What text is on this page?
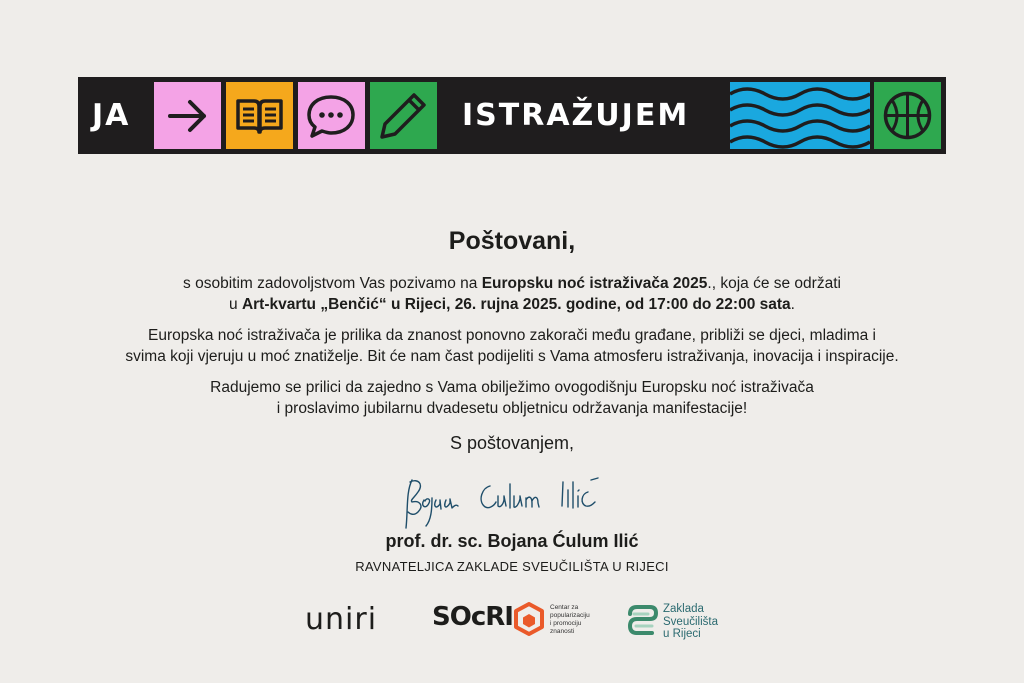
JA	ISTRAŽUJEM
Poštovani,

s osobitim zadovoljstvom Vas pozivamo na Europsku noć istraživača 2025., koja će se održati
u Art-kvartu „Benčić“ u Rijeci, 26. rujna 2025. godine, od 17:00 do 22:00 sata.

Europska noć istraživača je prilika da znanost ponovno zakorači među građane, približi se djeci, mladima i
svima koji vjeruju u moć znatiželje. Bit će nam čast podijeliti s Vama atmosferu istraživanja, inovacija i inspiracije.

Radujemo se prilici da zajedno s Vama obilježimo ovogodišnju Europsku noć istraživača
i proslavimo jubilarnu dvadesetu obljetnicu održavanja manifestacije!

S poštovanjem,
prof. dr. sc. Bojana Ćulum Ilić
RAVNATELJICA ZAKLADE SVEUČILIŠTA U RIJECI
uniri SOcRI	Centar za
popularizaciju
i promociju
znanosti
Zaklada
Sveučilišta
u Rijeci
